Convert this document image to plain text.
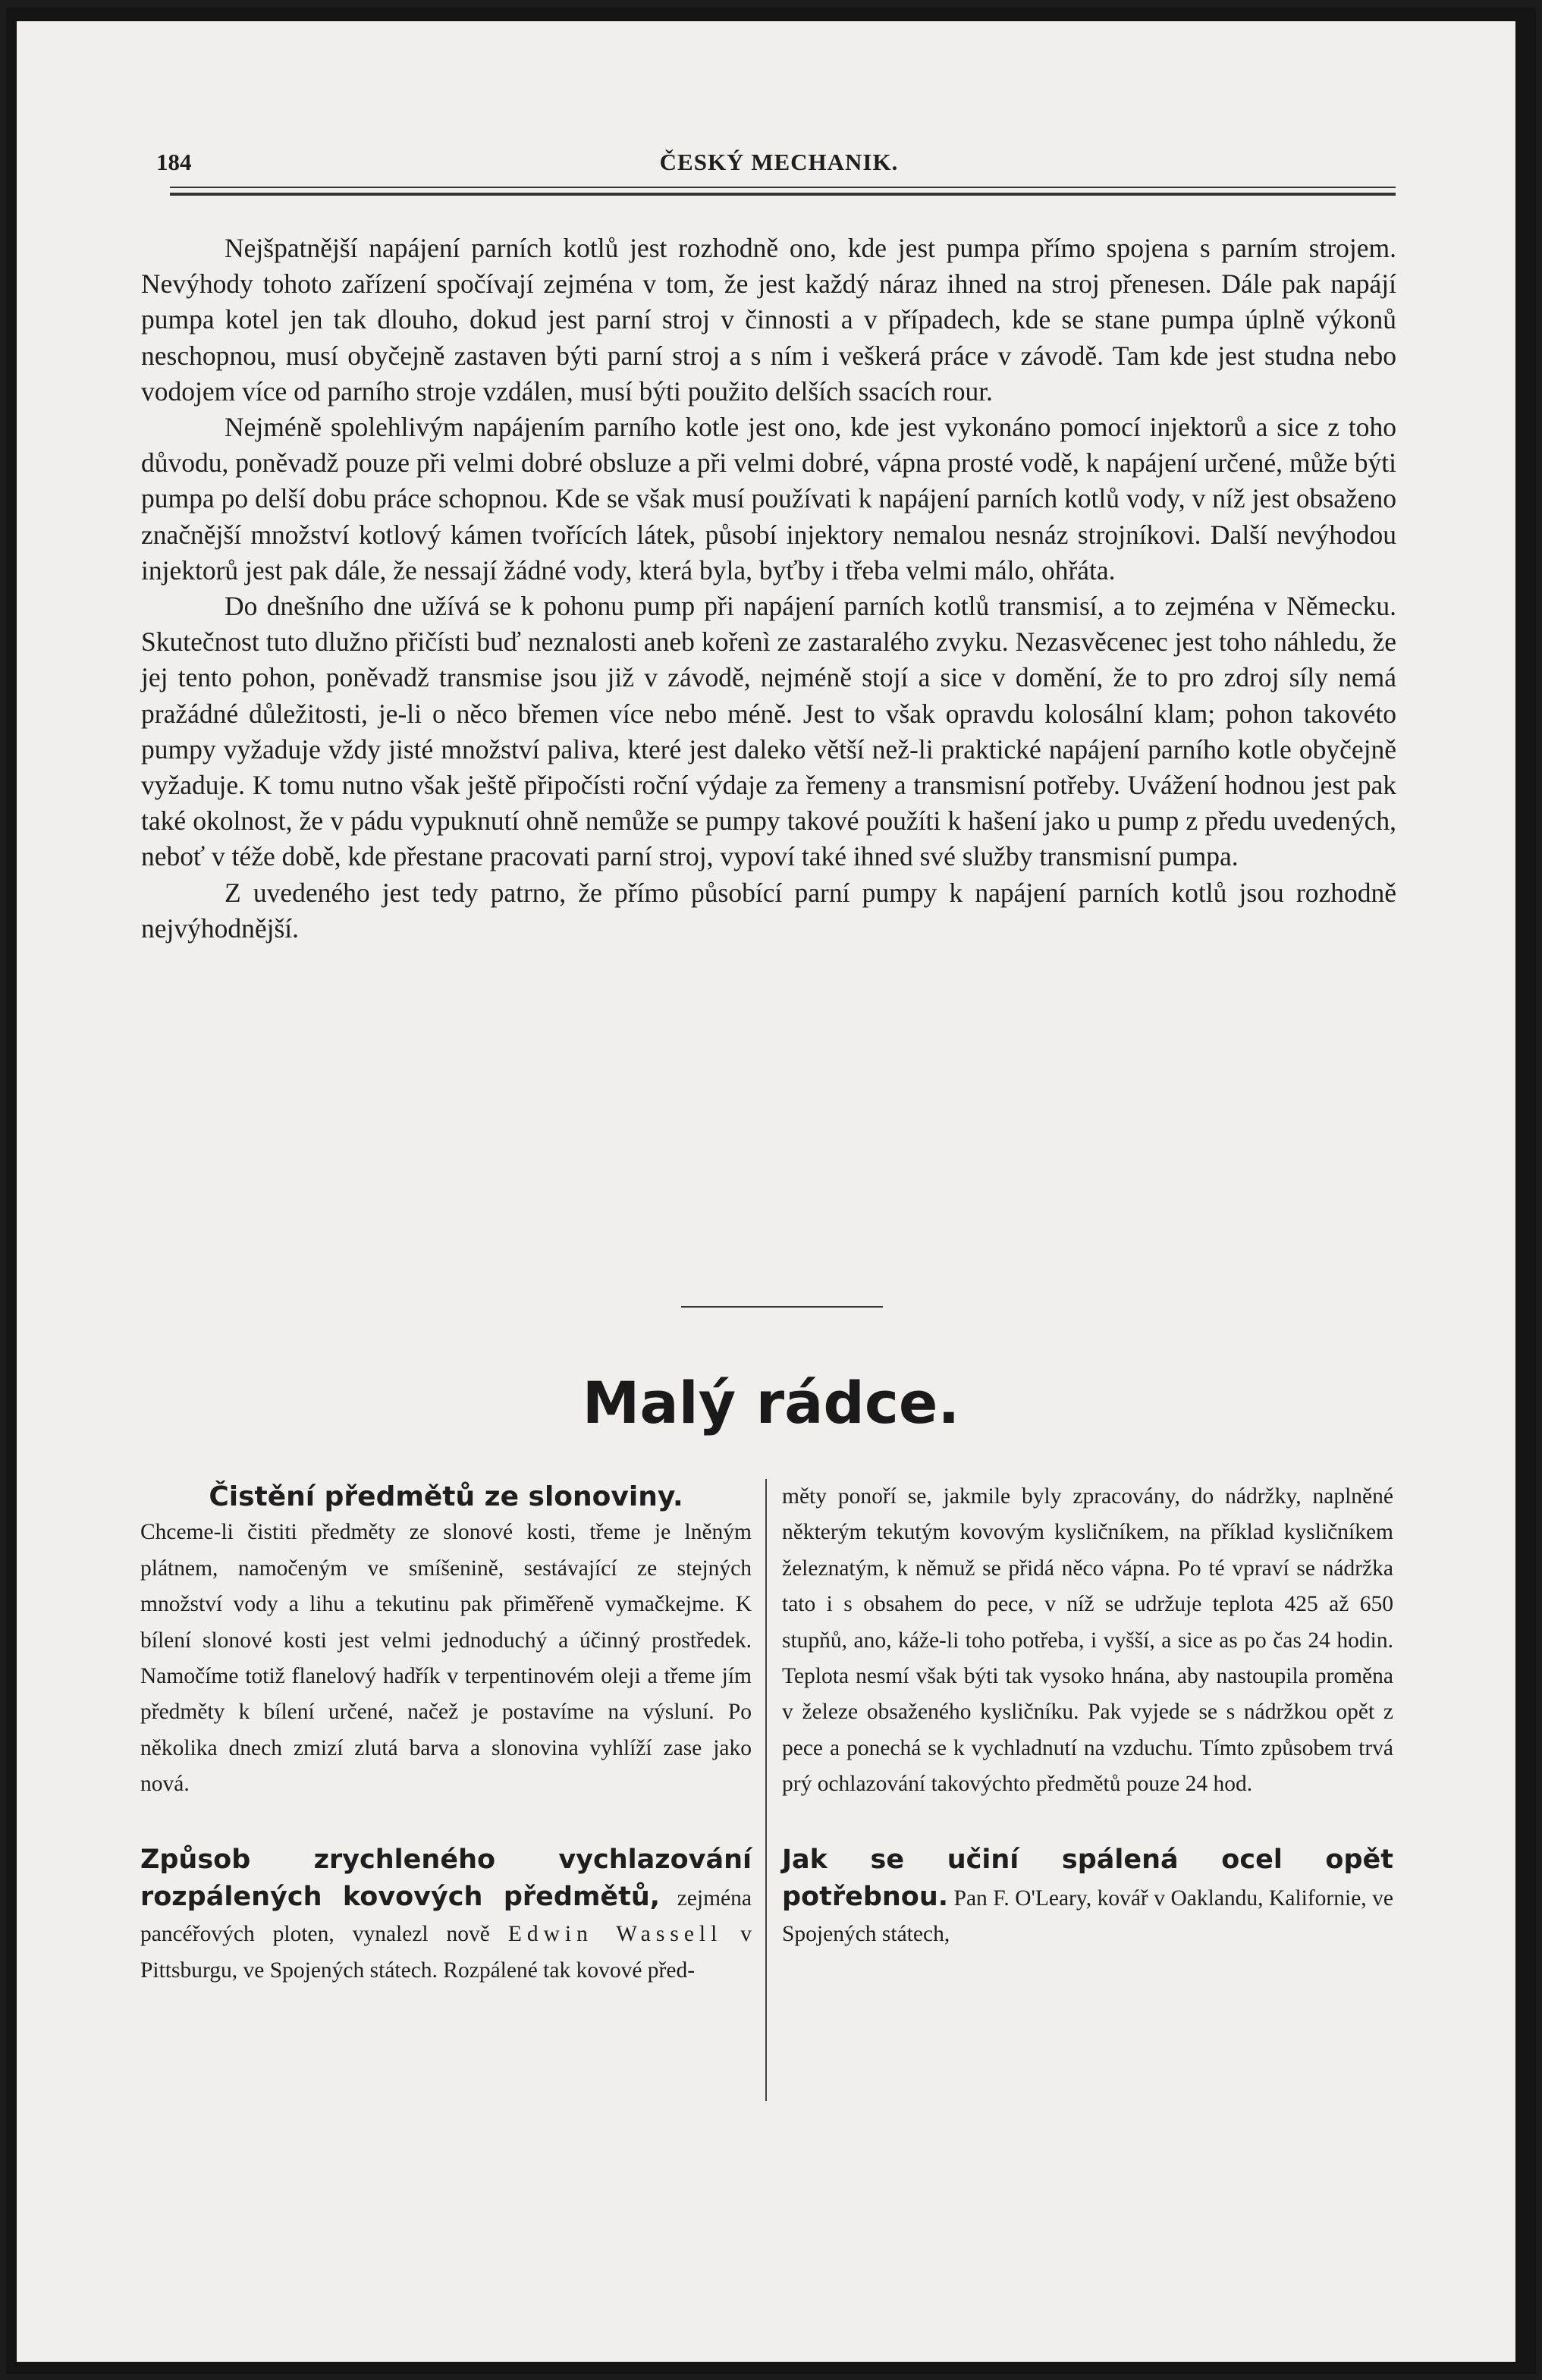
184	ČESKÝ MECHANIK.

Nejšpatnější napájení parních kotlů jest rozhodně ono, kde jest pumpa přímo spojena s parním strojem. Nevýhody tohoto zařízení spočívají zejména v tom, že jest každý náraz ihned na stroj přenesen. Dále pak napájí pumpa kotel jen tak dlouho, dokud jest parní stroj v činnosti a v případech, kde se stane pumpa úplně výkonů neschopnou, musí obyčejně zastaven býti parní stroj a s ním i veškerá práce v závodě. Tam kde jest studna nebo vodojem více od parního stroje vzdálen, musí býti použito delších ssacích rour.

Nejméně spolehlivým napájením parního kotle jest ono, kde jest vykonáno pomocí injektorů a sice z toho důvodu, poněvadž pouze při velmi dobré obsluze a při velmi dobré, vápna prosté vodě, k napájení určené, může býti pumpa po delší dobu práce schopnou. Kde se však musí používati k napájení parních kotlů vody, v níž jest obsaženo značnější množství kotlový kámen tvořících látek, působí injektory nemalou nesnáz strojníkovi. Další nevýhodou injektorů jest pak dále, že nessají žádné vody, která byla, byťby i třeba velmi málo, ohřáta.

Do dnešního dne užívá se k pohonu pump při napájení parních kotlů transmisí, a to zejména v Německu. Skutečnost tuto dlužno přičísti buď neznalosti aneb kořenì ze zastaralého zvyku. Nezasvěcenec jest toho náhledu, že jej tento pohon, poněvadž transmise jsou již v závodě, nejméně stojí a sice v domění, že to pro zdroj síly nemá pražádné důležitosti, je-li o něco břemen více nebo méně. Jest to však opravdu kolosální klam; pohon takovéto pumpy vyžaduje vždy jisté množství paliva, které jest daleko větší než-li praktické napájení parního kotle obyčejně vyžaduje. K tomu nutno však ještě připočísti roční výdaje za řemeny a transmisní potřeby. Uvážení hodnou jest pak také okolnost, že v pádu vypuknutí ohně nemůže se pumpy takové použíti k hašení jako u pump z předu uvedených, neboť v téže době, kde přestane pracovati parní stroj, vypoví také ihned své služby transmisní pumpa.

Z uvedeného jest tedy patrno, že přímo působící parní pumpy k napájení parních kotlů jsou rozhodně nejvýhodnější.

Malý rádce.

Čistění předmětů ze slonoviny.

Chceme-li čistiti předměty ze slonové kosti, třeme je lněným plátnem, namočeným ve smíšenině, sestávající ze stejných množství vody a lihu a tekutinu pak přiměřeně vymačkejme. K bílení slonové kosti jest velmi jednoduchý a účinný prostředek. Namočíme totiž flanelový hadřík v terpentinovém oleji a třeme jím předměty k bílení určené, načež je postavíme na výsluní. Po několika dnech zmizí zlutá barva a slonovina vyhlíží zase jako nová.

Způsob zrychleného vychlazování rozpálených kovových předmětů, zejména pancéřových ploten, vynalezl nově Edwin Wassell v Pittsburgu, ve Spojených státech. Rozpálené tak kovové před-

měty ponoří se, jakmile byly zpracovány, do nádržky, naplněné některým tekutým kovovým kysličníkem, na příklad kysličníkem železnatým, k němuž se přidá něco vápna. Po té vpraví se nádržka tato i s obsahem do pece, v níž se udržuje teplota 425 až 650 stupňů, ano, káže-li toho potřeba, i vyšší, a sice as po čas 24 hodin. Teplota nesmí však býti tak vysoko hnána, aby nastoupila proměna v železe obsaženého kysličníku. Pak vyjede se s nádržkou opět z pece a ponechá se k vychladnutí na vzduchu. Tímto způsobem trvá prý ochlazování takovýchto předmětů pouze 24 hod.

Jak se učiní spálená ocel opět potřebnou. Pan F. O'Leary, kovář v Oaklandu, Kalifornie, ve Spojených státech,
